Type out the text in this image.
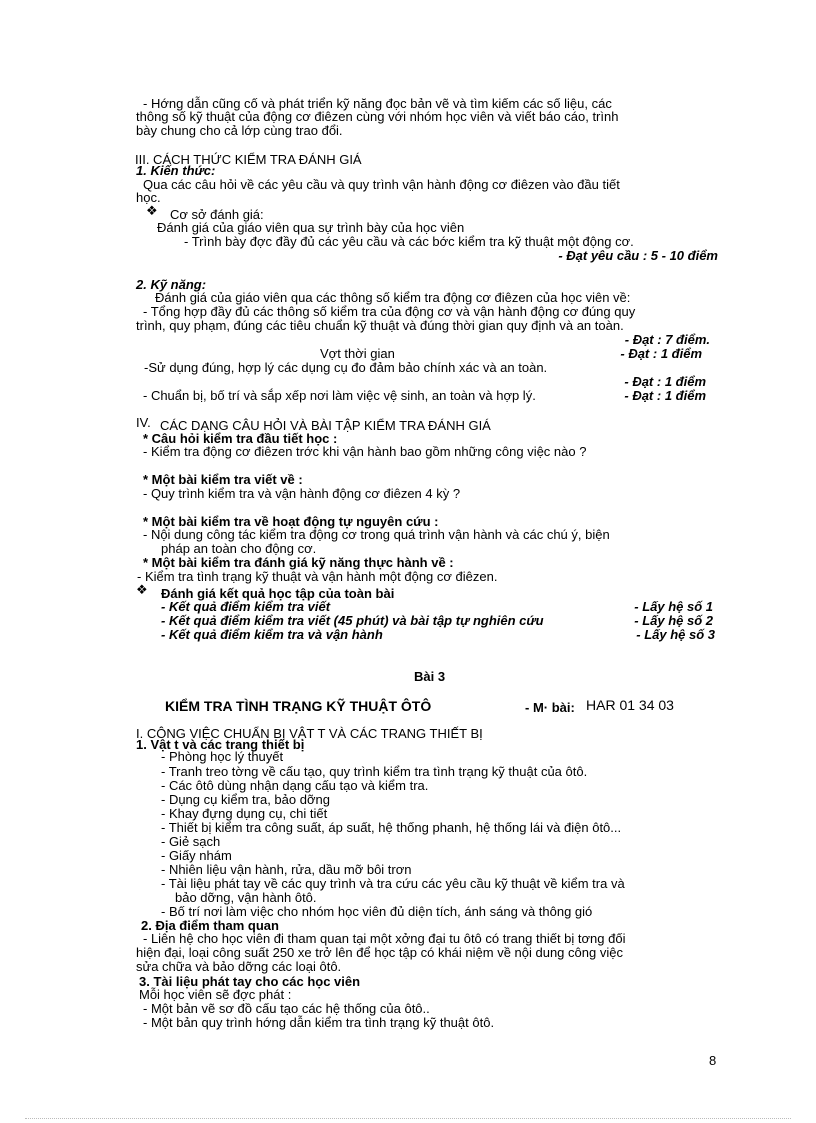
- Hớng dẫn cũng cố và phát triển kỹ năng đọc bản vẽ và tìm kiếm các số liệu, các
thông số kỹ thuật của động cơ điêzen cùng với nhóm học viên và viết báo cáo, trình
bày chung cho cả lớp cùng trao đổi.
III. CÁCH THỨC KIỂM TRA ĐÁNH GIÁ
1. Kiến thức:
Qua các câu hỏi về các yêu cầu và quy trình vận hành động cơ điêzen vào đầu tiết
học.
❖ Cơ sở đánh giá:
Đánh giá của giáo viên qua sự trình bày của học viên
- Trình bày đợc đầy đủ các yêu cầu và các bớc kiểm tra kỹ thuật một động cơ.
- Đạt yêu cầu : 5 - 10 điểm
2. Kỹ năng:
Đánh giá của giáo viên qua các thông số kiểm tra động cơ điêzen của học viên về:
- Tổng hợp đầy đủ các thông số kiểm tra của động cơ và vận hành động cơ đúng quy
trình, quy phạm, đúng các tiêu chuẩn kỹ thuật và đúng thời gian quy định và an toàn.
- Đạt : 7 điểm.
Vợt thời gian	- Đạt : 1 điểm
-Sử dụng đúng, hợp lý các dụng cụ đo đảm bảo chính xác và an toàn.
- Đạt : 1 điểm
- Chuẩn bị, bố trí và sắp xếp nơi làm việc vệ sinh, an toàn và hợp lý.	- Đạt : 1 điểm
IV. CÁC DẠNG CÂU HỎI VÀ BÀI TẬP KIỂM TRA ĐÁNH GIÁ
* Câu hỏi kiểm tra đầu tiết học :
- Kiểm tra động cơ điêzen trớc khi vận hành bao gồm những công việc nào ?
* Một bài kiểm tra viết về :
- Quy trình kiểm tra và vận hành động cơ điêzen 4 kỳ ?
* Một bài kiểm tra về hoạt động tự nguyên cứu :
- Nội dung công tác kiểm tra động cơ trong quá trình vận hành và các chú ý, biện
pháp an toàn cho động cơ.
* Một bài kiểm tra đánh giá kỹ năng thực hành về :
- Kiểm tra tình trạng kỹ thuật và vận hành một động cơ điêzen.
❖ Đánh giá kết quả học tập của toàn bài
- Kết quả điểm kiểm tra viết	- Lấy hệ số 1
- Kết quả điểm kiểm tra viết (45 phút) và bài tập tự nghiên cứu	- Lấy hệ số 2
- Kết quả điểm kiểm tra và vận hành	- Lấy hệ số 3
Bài 3
KIỂM TRA TÌNH TRẠNG KỸ THUẬT ÔTÔ	- M· bài: HAR 01 34 03
I. CÔNG VIỆC CHUẨN BỊ VẬT T VÀ CÁC TRANG THIẾT BỊ
1. Vật t và các trang thiết bị
- Phòng học lý thuyết
- Tranh treo tờng về cấu tạo, quy trình kiểm tra tình trạng kỹ thuật của ôtô.
- Các ôtô dùng nhận dạng cấu tạo và kiểm tra.
- Dụng cụ kiểm tra, bảo dỡng
- Khay đựng dụng cụ, chi tiết
- Thiết bị kiểm tra công suất, áp suất, hệ thống phanh, hệ thống lái và điện ôtô...
- Giẻ sạch
- Giấy nhám
- Nhiên liệu vận hành, rửa, dầu mỡ bôi trơn
- Tài liệu phát tay về các quy trình và tra cứu các yêu cầu kỹ thuật về kiểm tra và
bảo dỡng, vận hành ôtô.
- Bố trí nơi làm việc cho nhóm học viên đủ diện tích, ánh sáng và thông gió
2. Địa điểm tham quan
- Liên hệ cho học viên đi tham quan tại một xởng đại tu ôtô có trang thiết bị tơng đối
hiện đại, loại công suất 250 xe trở lên để học tập có khái niệm về nội dung công việc
sửa chữa và bảo dỡng các loại ôtô.
3. Tài liệu phát tay cho các học viên
Mỗi học viên sẽ đợc phát :
- Một bản vẽ sơ đồ cấu tạo các hệ thống của ôtô..
- Một bản quy trình hớng dẫn kiểm tra tình trạng kỹ thuật ôtô.
8
